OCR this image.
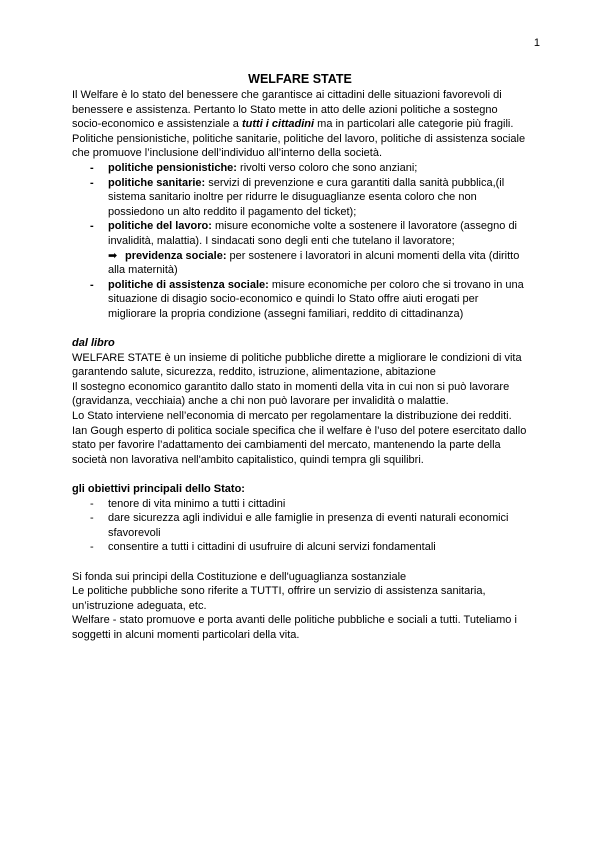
1
WELFARE STATE

Il Welfare è lo stato del benessere che garantisce ai cittadini delle situazioni favorevoli di benessere e assistenza. Pertanto lo Stato mette in atto delle azioni politiche a sostegno socio-economico e assistenziale a tutti i cittadini ma in particolari alle categorie più fragili. Politiche pensionistiche, politiche sanitarie, politiche del lavoro, politiche di assistenza sociale che promuove l’inclusione dell’individuo all’interno della società.

- politiche pensionistiche: rivolti verso coloro che sono anziani;
- politiche sanitarie: servizi di prevenzione e cura garantiti dalla sanità pubblica,(il sistema sanitario inoltre per ridurre le disuguaglianze esenta coloro che non possiedono un alto reddito il pagamento del ticket);
- politiche del lavoro: misure economiche volte a sostenere il lavoratore (assegno di invalidità, malattia). I sindacati sono degli enti che tutelano il lavoratore;
➡ previdenza sociale: per sostenere i lavoratori in alcuni momenti della vita (diritto alla maternità)
- politiche di assistenza sociale: misure economiche per coloro che si trovano in una situazione di disagio socio-economico e quindi lo Stato offre aiuti erogati per migliorare la propria condizione (assegni familiari, reddito di cittadinanza)

dal libro

WELFARE STATE è un insieme di politiche pubbliche dirette a migliorare le condizioni di vita garantendo salute, sicurezza, reddito, istruzione, alimentazione, abitazione

Il sostegno economico garantito dallo stato in momenti della vita in cui non si può lavorare (gravidanza, vecchiaia) anche a chi non può lavorare per invalidità o malattie.

Lo Stato interviene nell’economia di mercato per regolamentare la distribuzione dei redditi.

Ian Gough esperto di politica sociale specifica che il welfare è l’uso del potere esercitato dallo stato per favorire l’adattamento dei cambiamenti del mercato, mantenendo la parte della società non lavorativa nell'ambito capitalistico, quindi tempra gli squilibri.

gli obiettivi principali dello Stato:

- tenore di vita minimo a tutti i cittadini
- dare sicurezza agli individui e alle famiglie in presenza di eventi naturali economici sfavorevoli
- consentire a tutti i cittadini di usufruire di alcuni servizi fondamentali

Si fonda sui principi della Costituzione e dell'uguaglianza sostanziale

Le politiche pubbliche sono riferite a TUTTI, offrire un servizio di assistenza sanitaria, un’istruzione adeguata, etc.

Welfare - stato promuove e porta avanti delle politiche pubbliche e sociali a tutti. Tuteliamo i soggetti in alcuni momenti particolari della vita.
